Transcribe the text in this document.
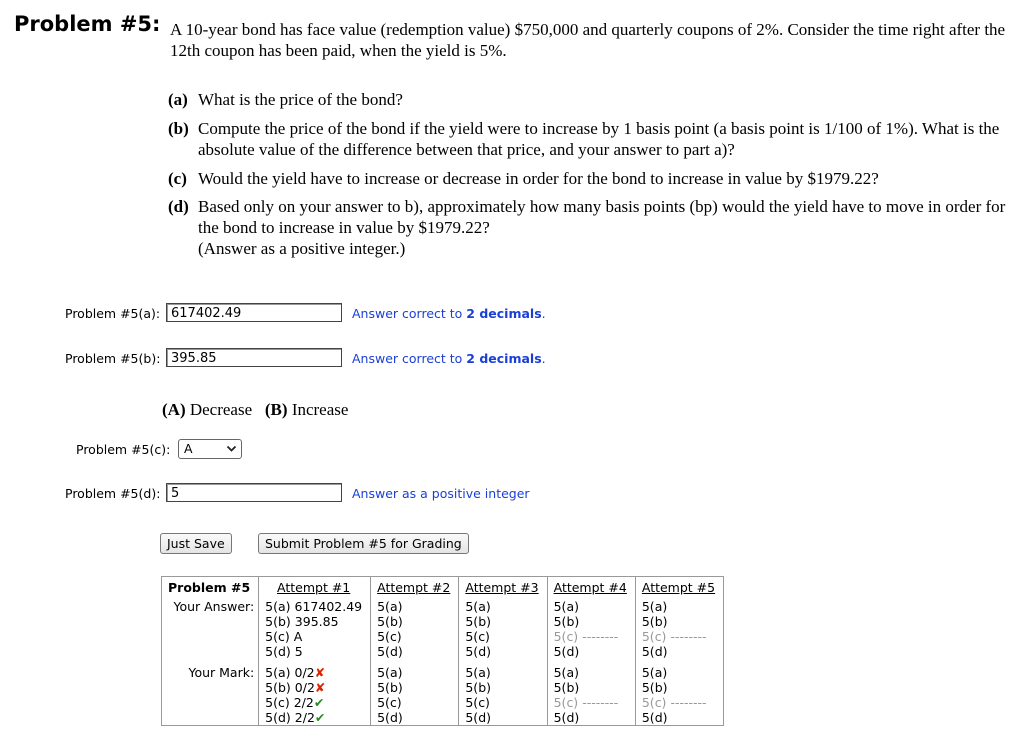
Problem #5: A 10-year bond has face value (redemption value) $750,000 and quarterly coupons of 2%. Consider the time right after the 12th coupon has been paid, when the yield is 5%.
(a) What is the price of the bond?
(b) Compute the price of the bond if the yield were to increase by 1 basis point (a basis point is 1/100 of 1%). What is the absolute value of the difference between that price, and your answer to part a)?
(c) Would the yield have to increase or decrease in order for the bond to increase in value by $1979.22?
(d) Based only on your answer to b), approximately how many basis points (bp) would the yield have to move in order for the bond to increase in value by $1979.22?
(Answer as a positive integer.)
Problem #5(a): 617402.49	Answer correct to 2 decimals.
Problem #5(b): 395.85	Answer correct to 2 decimals.
(A) Decrease (B) Increase
Problem #5(c):	A
Problem #5(d): 5	Answer as a positive integer
Just Save	Submit Problem #5 for Grading
Problem #5	Attempt #1	Attempt #2	Attempt #3	Attempt #4	Attempt #5
Your Answer:	5(a) 617402.49
5(b) 395.85
5(c) A
5(d) 5	5(a)
5(b)
5(c)
5(d)	5(a)
5(b)
5(c)
5(d)	5(a)
5(b)
5(c) --------
5(d)	5(a)
5(b)
5(c) --------
5(d)

Your Mark:	5(a) 0/2✘
5(b) 0/2✘
5(c) 2/2✔
5(d) 2/2✔	5(a)
5(b)
5(c)
5(d)	5(a)
5(b)
5(c)
5(d)	5(a)
5(b)
5(c) --------
5(d)	5(a)
5(b)
5(c) --------
5(d)
